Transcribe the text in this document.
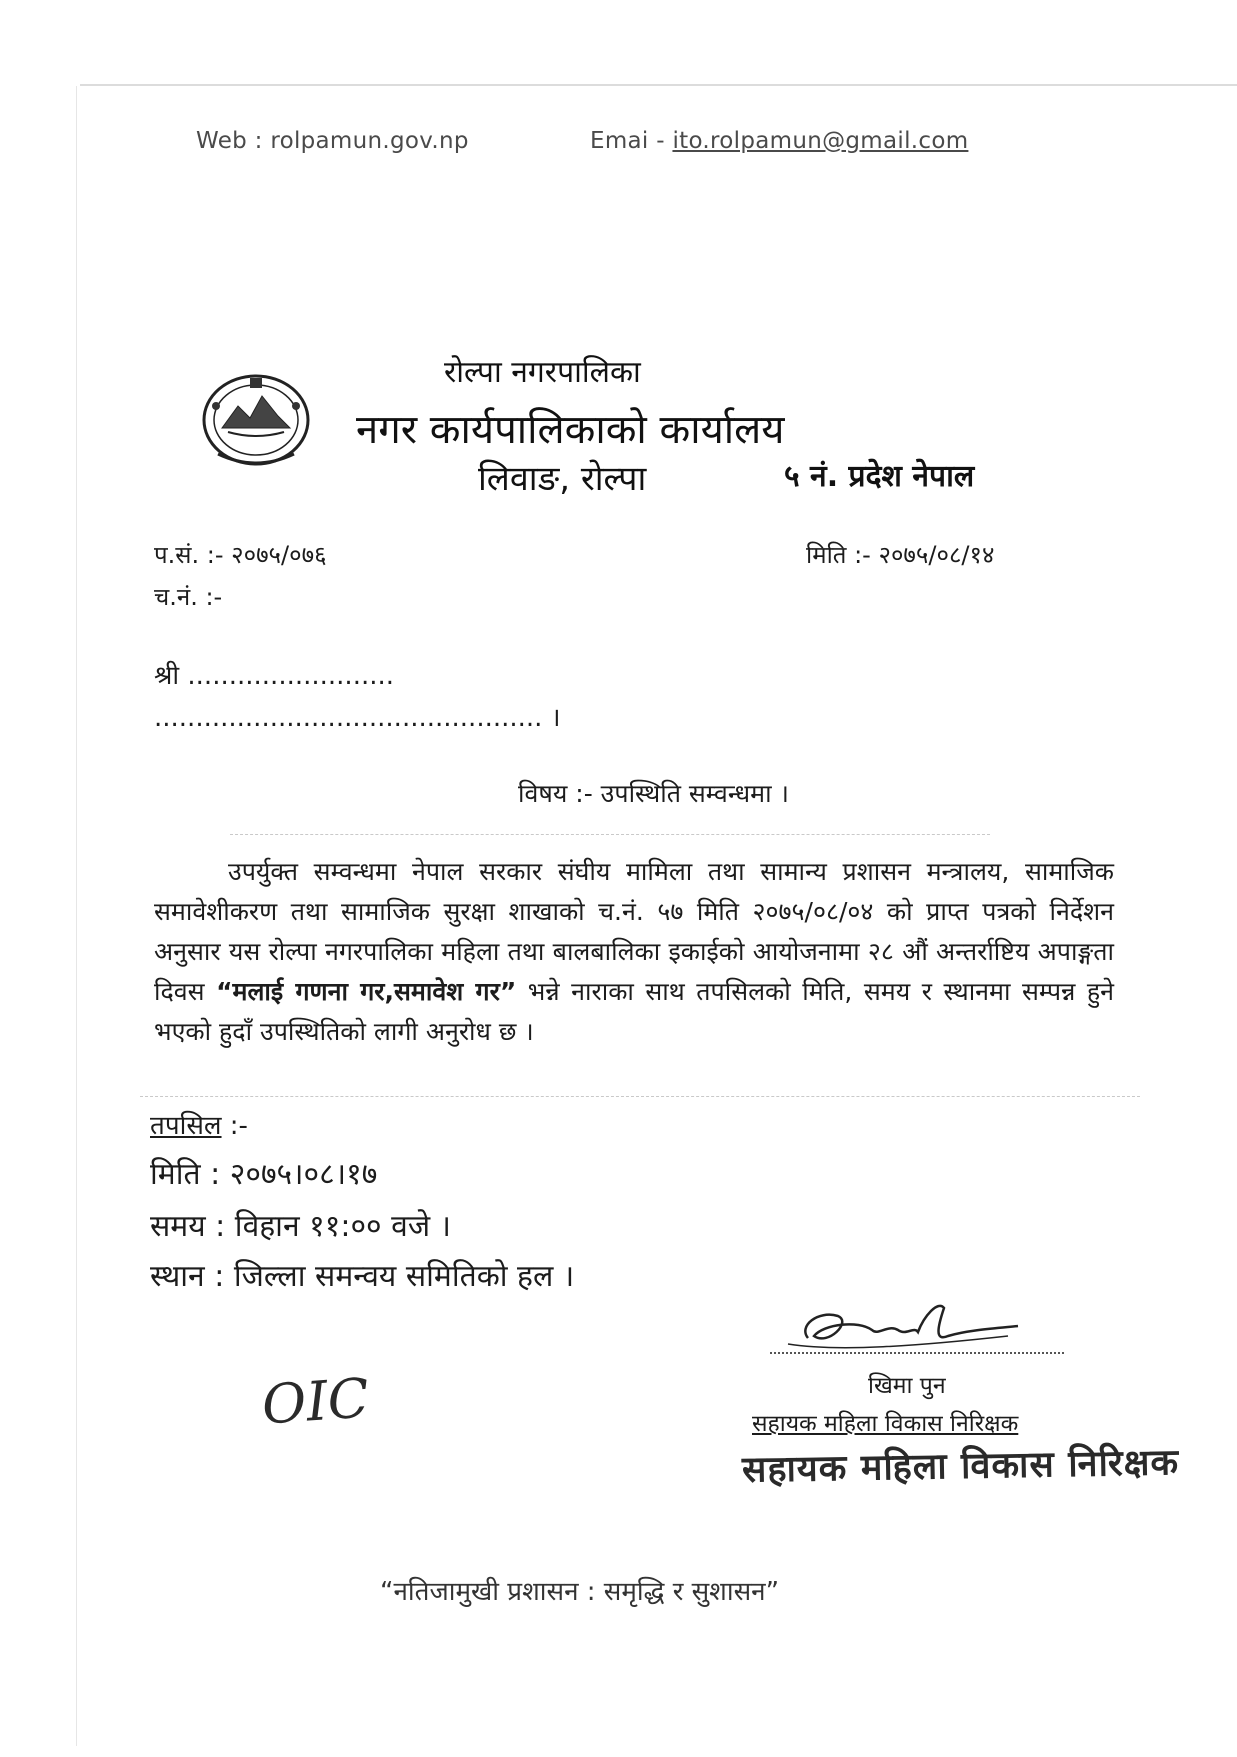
Web : rolpamun.gov.np	Emai - ito.rolpamun@gmail.com
रोल्पा नगरपालिका
नगर कार्यपालिकाको कार्यालय
लिवाङ, रोल्पा	५ नं. प्रदेश नेपाल
प.सं. :- २०७५/०७६	मिति :- २०७५/०८/१४
च.नं. :-
श्री .........................
............................................... ।
विषय :- उपस्थिति सम्वन्धमा ।
उपर्युक्त सम्वन्धमा नेपाल सरकार संघीय मामिला तथा सामान्य प्रशासन मन्त्रालय, सामाजिक समावेशीकरण तथा सामाजिक सुरक्षा शाखाको च.नं. ५७ मिति २०७५/०८/०४ को प्राप्त पत्रको निर्देशन अनुसार यस रोल्पा नगरपालिका महिला तथा बालबालिका इकाईको आयोजनामा २८ औं अन्तर्राष्टिय अपाङ्गता दिवस “मलाई गणना गर,समावेश गर” भन्ने नाराका साथ तपसिलको मिति, समय र स्थानमा सम्पन्न हुने भएको हुदाँ उपस्थितिको लागी अनुरोध छ ।
तपसिल :-
मिति : २०७५।०८।१७
समय : विहान ११:०० वजे ।
स्थान : जिल्ला समन्वय समितिको हल ।
खिमा पुन
सहायक महिला विकास निरिक्षक
सहायक महिला विकास निरिक्षक
OIC
“नतिजामुखी प्रशासन : समृद्धि र सुशासन”
